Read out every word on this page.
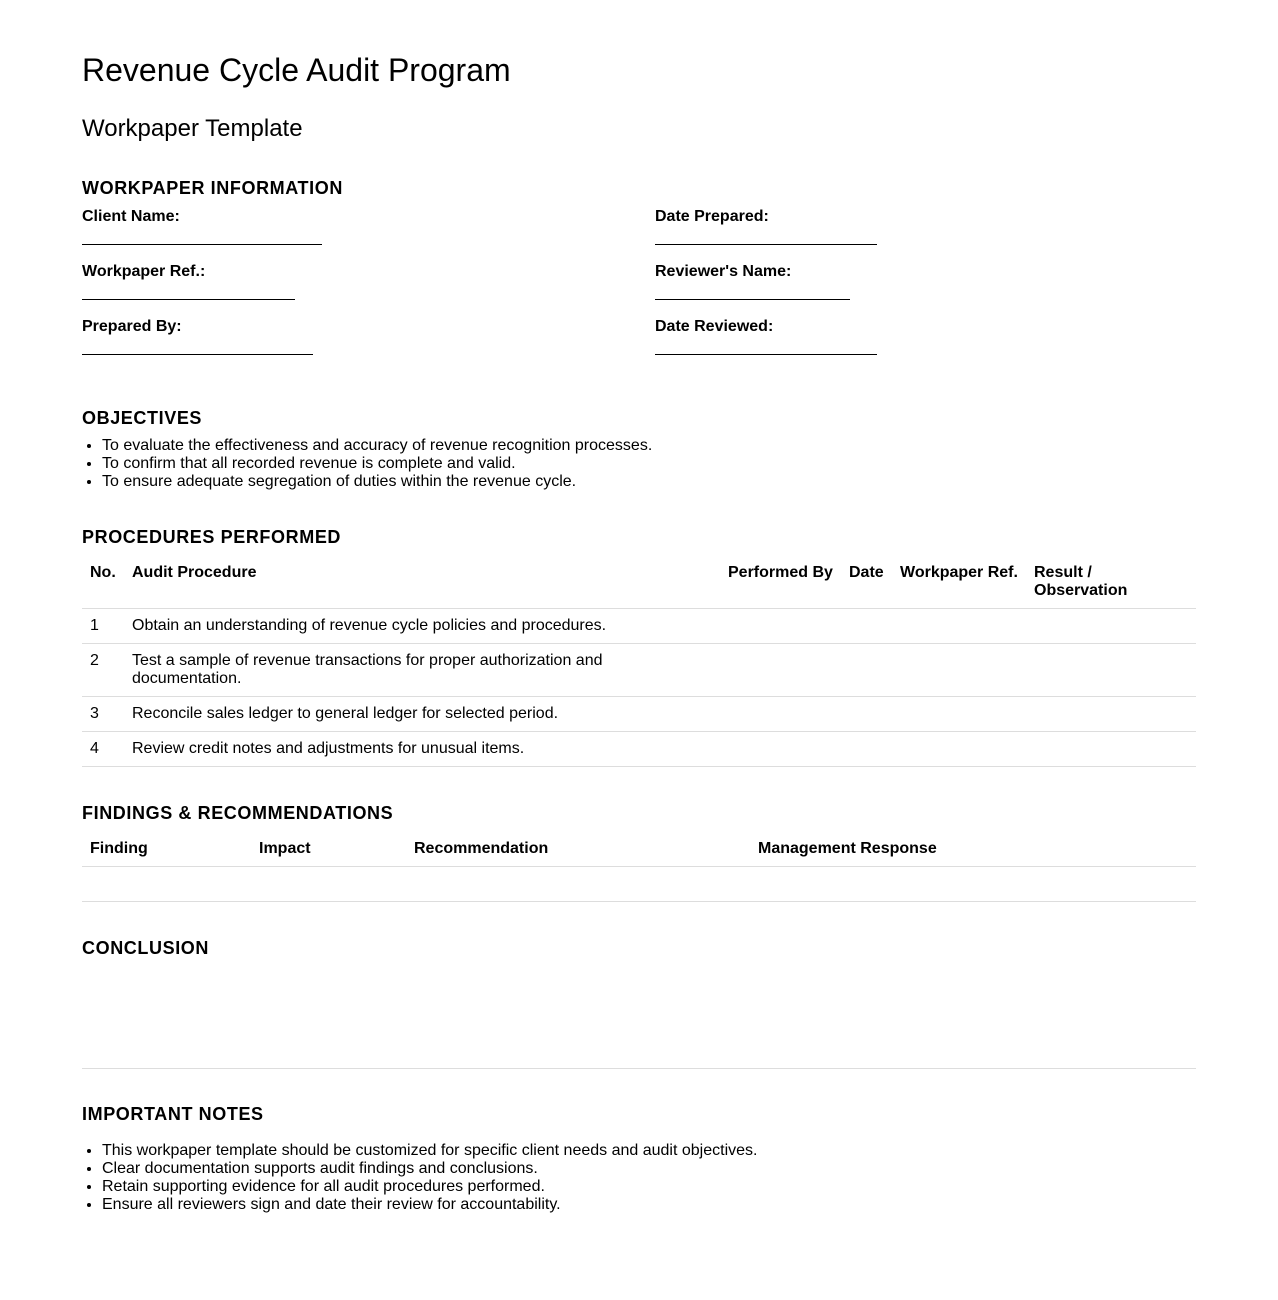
Revenue Cycle Audit Program
Workpaper Template
WORKPAPER INFORMATION
Client Name:
Workpaper Ref.:
Prepared By:
Date Prepared:
Reviewer's Name:
Date Reviewed:
OBJECTIVES
• To evaluate the effectiveness and accuracy of revenue recognition processes.
• To confirm that all recorded revenue is complete and valid.
• To ensure adequate segregation of duties within the revenue cycle.
PROCEDURES PERFORMED
No.	Audit Procedure	Performed By	Date	Workpaper Ref.	Result / Observation
1	Obtain an understanding of revenue cycle policies and procedures.				
2	Test a sample of revenue transactions for proper authorization and documentation.				
3	Reconcile sales ledger to general ledger for selected period.				
4	Review credit notes and adjustments for unusual items.				
FINDINGS & RECOMMENDATIONS
Finding	Impact	Recommendation	Management Response

CONCLUSION
IMPORTANT NOTES
• This workpaper template should be customized for specific client needs and audit objectives.
• Clear documentation supports audit findings and conclusions.
• Retain supporting evidence for all audit procedures performed.
• Ensure all reviewers sign and date their review for accountability.
